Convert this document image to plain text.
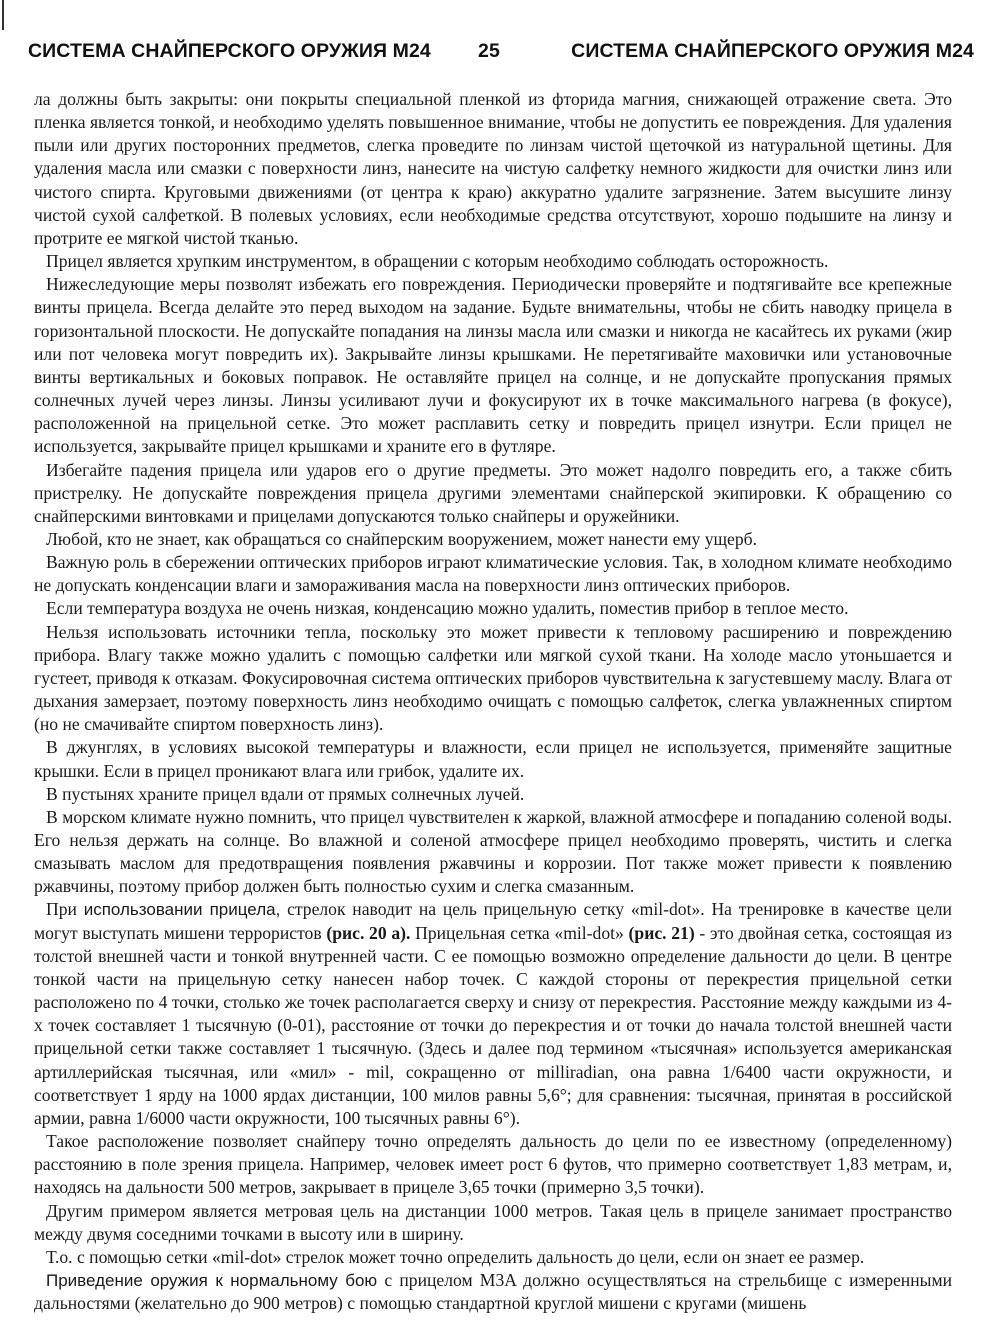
СИСТЕМА СНАЙПЕРСКОГО ОРУЖИЯ М24 25	СИСТЕМА СНАЙПЕРСКОГО ОРУЖИЯ М24

ла должны быть закрыты: они покрыты специальной пленкой из фторида магния, снижающей отражение света. Это пленка является тонкой, и необходимо уделять повышенное внимание, чтобы не допустить ее повреждения. Для удаления пыли или других посторонних предметов, слегка проведите по линзам чистой щеточкой из натуральной щетины. Для удаления масла или смазки с поверхности линз, нанесите на чистую салфетку немного жидкости для очистки линз или чистого спирта. Круговыми движениями (от центра к краю) аккуратно удалите загрязнение. Затем высушите линзу чистой сухой салфеткой. В полевых условиях, если необходимые средства отсутствуют, хорошо подышите на линзу и протрите ее мягкой чистой тканью.

Прицел является хрупким инструментом, в обращении с которым необходимо соблюдать осторожность.

Нижеследующие меры позволят избежать его повреждения. Периодически проверяйте и подтягивайте все крепежные винты прицела. Всегда делайте это перед выходом на задание. Будьте внимательны, чтобы не сбить наводку прицела в горизонтальной плоскости. Не допускайте попадания на линзы масла или смазки и никогда не касайтесь их руками (жир или пот человека могут повредить их). Закрывайте линзы крышками. Не перетягивайте маховички или установочные винты вертикальных и боковых поправок. Не оставляйте прицел на солнце, и не допускайте пропускания прямых солнечных лучей через линзы. Линзы усиливают лучи и фокусируют их в точке максимального нагрева (в фокусе), расположенной на прицельной сетке. Это может расплавить сетку и повредить прицел изнутри. Если прицел не используется, закрывайте прицел крышками и храните его в футляре.

Избегайте падения прицела или ударов его о другие предметы. Это может надолго повредить его, а также сбить пристрелку. Не допускайте повреждения прицела другими элементами снайперской экипировки. К обращению со снайперскими винтовками и прицелами допускаются только снайперы и оружейники.

Любой, кто не знает, как обращаться со снайперским вооружением, может нанести ему ущерб.

Важную роль в сбережении оптических приборов играют климатические условия. Так, в холодном климате необходимо не допускать конденсации влаги и замораживания масла на поверхности линз оптических приборов.

Если температура воздуха не очень низкая, конденсацию можно удалить, поместив прибор в теплое место.

Нельзя использовать источники тепла, поскольку это может привести к тепловому расширению и повреждению прибора. Влагу также можно удалить с помощью салфетки или мягкой сухой ткани. На холоде масло утоньшается и густеет, приводя к отказам. Фокусировочная система оптических приборов чувствительна к загустевшему маслу. Влага от дыхания замерзает, поэтому поверхность линз необходимо очищать с помощью салфеток, слегка увлажненных спиртом (но не смачивайте спиртом поверхность линз).

В джунглях, в условиях высокой температуры и влажности, если прицел не используется, применяйте защитные крышки. Если в прицел проникают влага или грибок, удалите их.

В пустынях храните прицел вдали от прямых солнечных лучей.

В морском климате нужно помнить, что прицел чувствителен к жаркой, влажной атмосфере и попаданию соленой воды. Его нельзя держать на солнце. Во влажной и соленой атмосфере прицел необходимо проверять, чистить и слегка смазывать маслом для предотвращения появления ржавчины и коррозии. Пот также может привести к появлению ржавчины, поэтому прибор должен быть полностью сухим и слегка смазанным.

При использовании прицела, стрелок наводит на цель прицельную сетку «mil-dot». На тренировке в качестве цели могут выступать мишени террористов (рис. 20 а). Прицельная сетка «mil-dot» (рис. 21) - это двойная сетка, состоящая из толстой внешней части и тонкой внутренней части. С ее помощью возможно определение дальности до цели. В центре тонкой части на прицельную сетку нанесен набор точек. С каждой стороны от перекрестия прицельной сетки расположено по 4 точки, столько же точек располагается сверху и снизу от перекрестия. Расстояние между каждыми из 4-х точек составляет 1 тысячную (0-01), расстояние от точки до перекрестия и от точки до начала толстой внешней части прицельной сетки также составляет 1 тысячную. (Здесь и далее под термином «тысячная» используется американская артиллерийская тысячная, или «мил» - mil, сокращенно от milliradian, она равна 1/6400 части окружности, и соответствует 1 ярду на 1000 ярдах дистанции, 100 милов равны 5,6°; для сравнения: тысячная, принятая в российской армии, равна 1/6000 части окружности, 100 тысячных равны 6°).

Такое расположение позволяет снайперу точно определять дальность до цели по ее известному (определенному) расстоянию в поле зрения прицела. Например, человек имеет рост 6 футов, что примерно соответствует 1,83 метрам, и, находясь на дальности 500 метров, закрывает в прицеле 3,65 точки (примерно 3,5 точки).

Другим примером является метровая цель на дистанции 1000 метров. Такая цель в прицеле занимает пространство между двумя соседними точками в высоту или в ширину.

Т.о. с помощью сетки «mil-dot» стрелок может точно определить дальность до цели, если он знает ее размер.

Приведение оружия к нормальному бою с прицелом M3A должно осуществляться на стрельбище с измеренными дальностями (желательно до 900 метров) с помощью стандартной круглой мишени с кругами (мишень
